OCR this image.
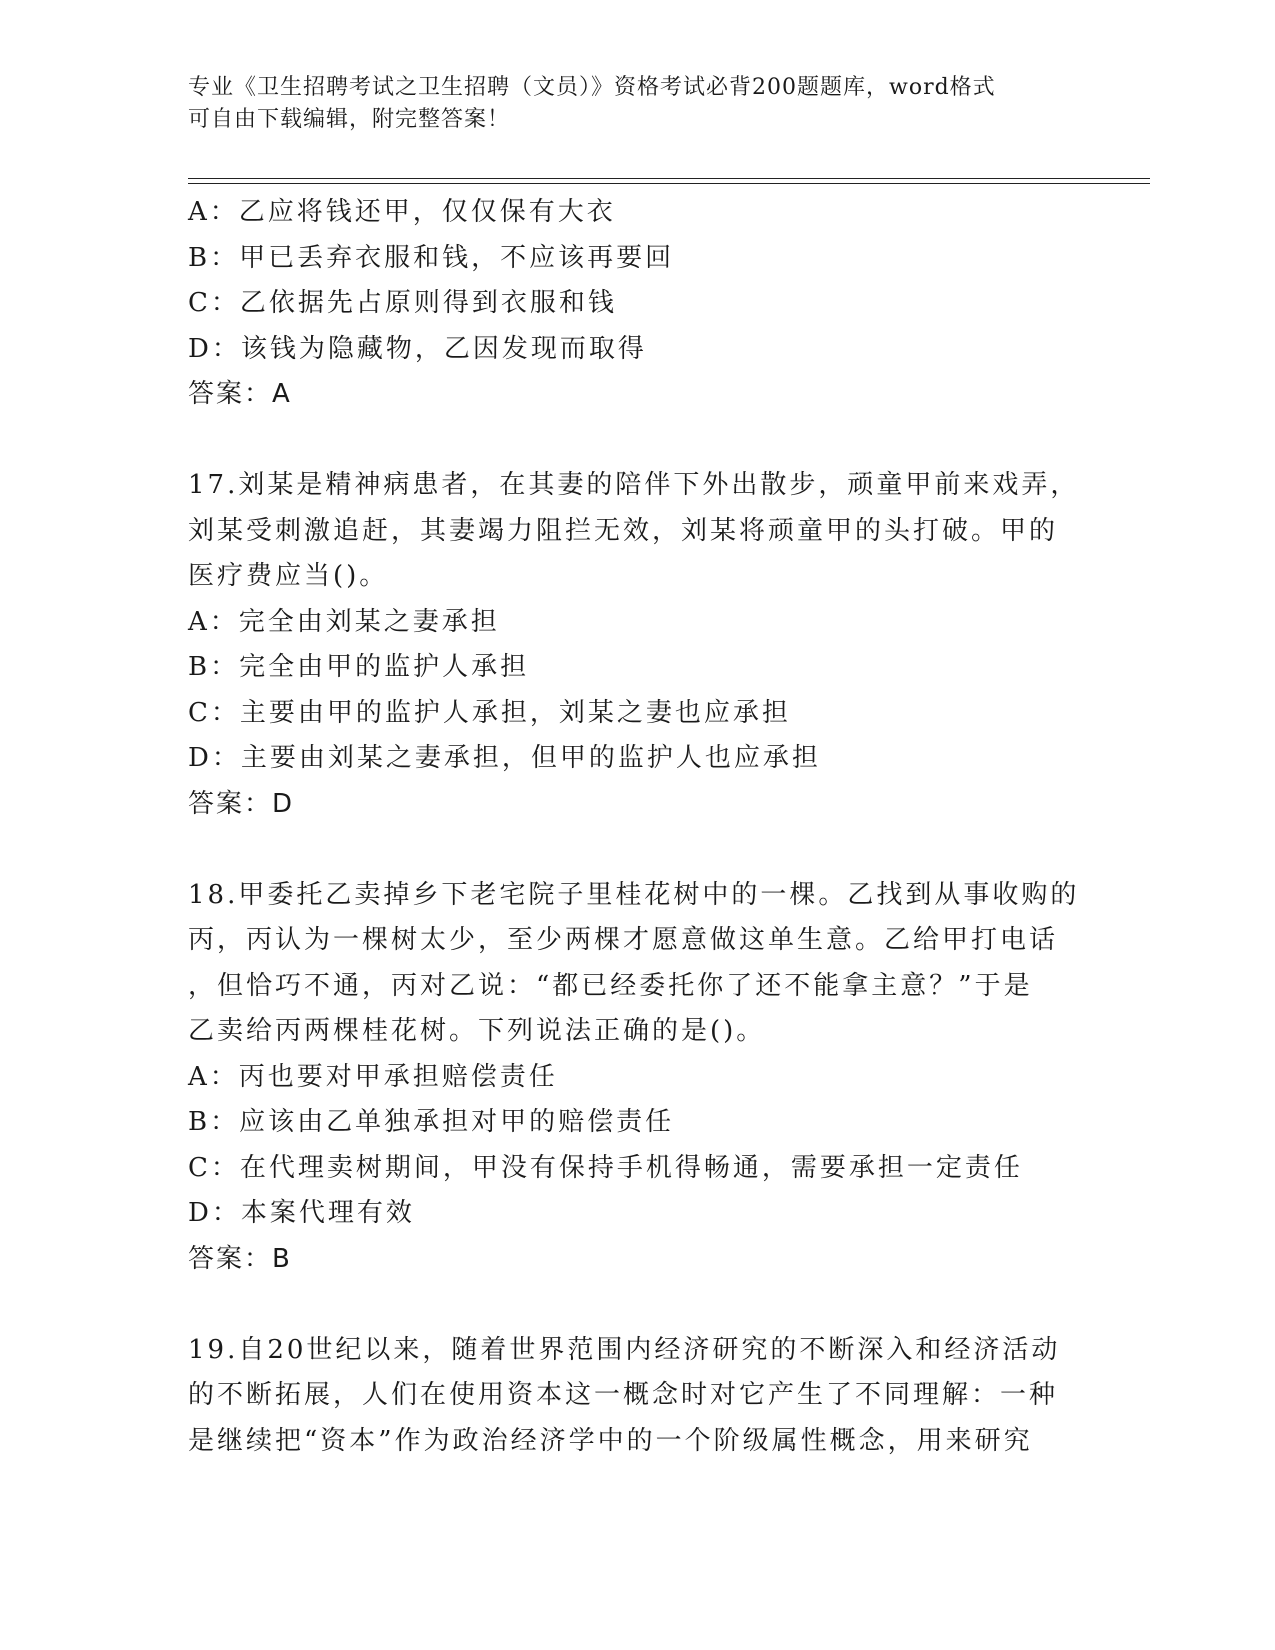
专业《卫生招聘考试之卫生招聘（文员）》资格考试必背200题题库，word格式
可自由下载编辑，附完整答案！
A：乙应将钱还甲，仅仅保有大衣
B：甲已丢弃衣服和钱，不应该再要回
C：乙依据先占原则得到衣服和钱
D：该钱为隐藏物，乙因发现而取得
答案：A
17.刘某是精神病患者，在其妻的陪伴下外出散步，顽童甲前来戏弄，
刘某受刺激追赶，其妻竭力阻拦无效，刘某将顽童甲的头打破。甲的
医疗费应当()。
A：完全由刘某之妻承担
B：完全由甲的监护人承担
C：主要由甲的监护人承担，刘某之妻也应承担
D：主要由刘某之妻承担，但甲的监护人也应承担
答案：D
18.甲委托乙卖掉乡下老宅院子里桂花树中的一棵。乙找到从事收购的
丙，丙认为一棵树太少，至少两棵才愿意做这单生意。乙给甲打电话
，但恰巧不通，丙对乙说：“都已经委托你了还不能拿主意？”于是
乙卖给丙两棵桂花树。下列说法正确的是()。
A：丙也要对甲承担赔偿责任
B：应该由乙单独承担对甲的赔偿责任
C：在代理卖树期间，甲没有保持手机得畅通，需要承担一定责任
D：本案代理有效
答案：B
19.自20世纪以来，随着世界范围内经济研究的不断深入和经济活动
的不断拓展，人们在使用资本这一概念时对它产生了不同理解：一种
是继续把“资本”作为政治经济学中的一个阶级属性概念，用来研究
